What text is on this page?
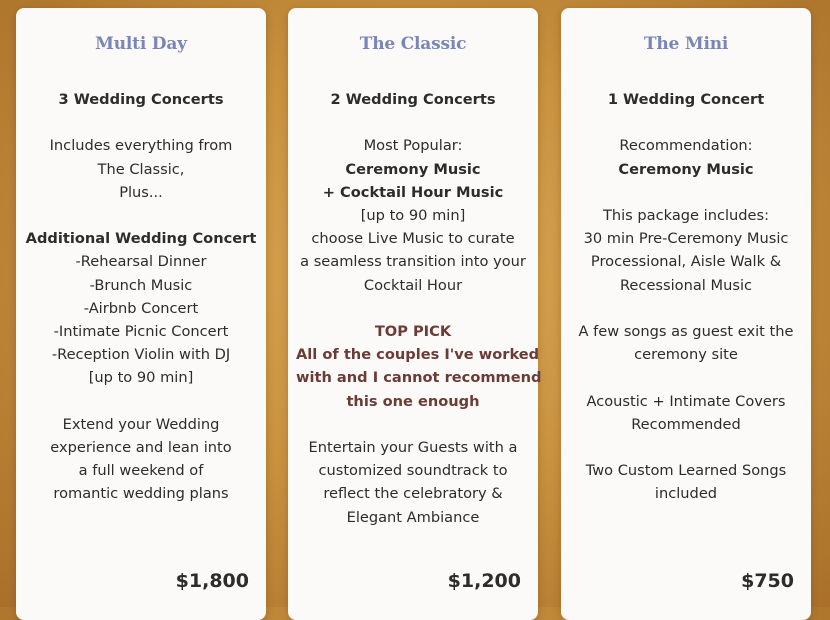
Multi Day
3 Wedding Concerts
Includes everything from
The Classic,
Plus...
Additional Wedding Concert
-Rehearsal Dinner
-Brunch Music
-Airbnb Concert
-Intimate Picnic Concert
-Reception Violin with DJ
[up to 90 min]
Extend your Wedding
experience and lean into
a full weekend of
romantic wedding plans
$1,800
The Classic
2 Wedding Concerts
Most Popular:
Ceremony Music
+ Cocktail Hour Music
[up to 90 min]
choose Live Music to curate
a seamless transition into your
Cocktail Hour
TOP PICK
All of the couples I've worked
with and I cannot recommend
this one enough
Entertain your Guests with a
customized soundtrack to
reflect the celebratory &
Elegant Ambiance
$1,200
The Mini
1 Wedding Concert
Recommendation:
Ceremony Music
This package includes:
30 min Pre-Ceremony Music
Processional, Aisle Walk &
Recessional Music
A few songs as guest exit the
ceremony site
Acoustic + Intimate Covers
Recommended
Two Custom Learned Songs
included
$750
